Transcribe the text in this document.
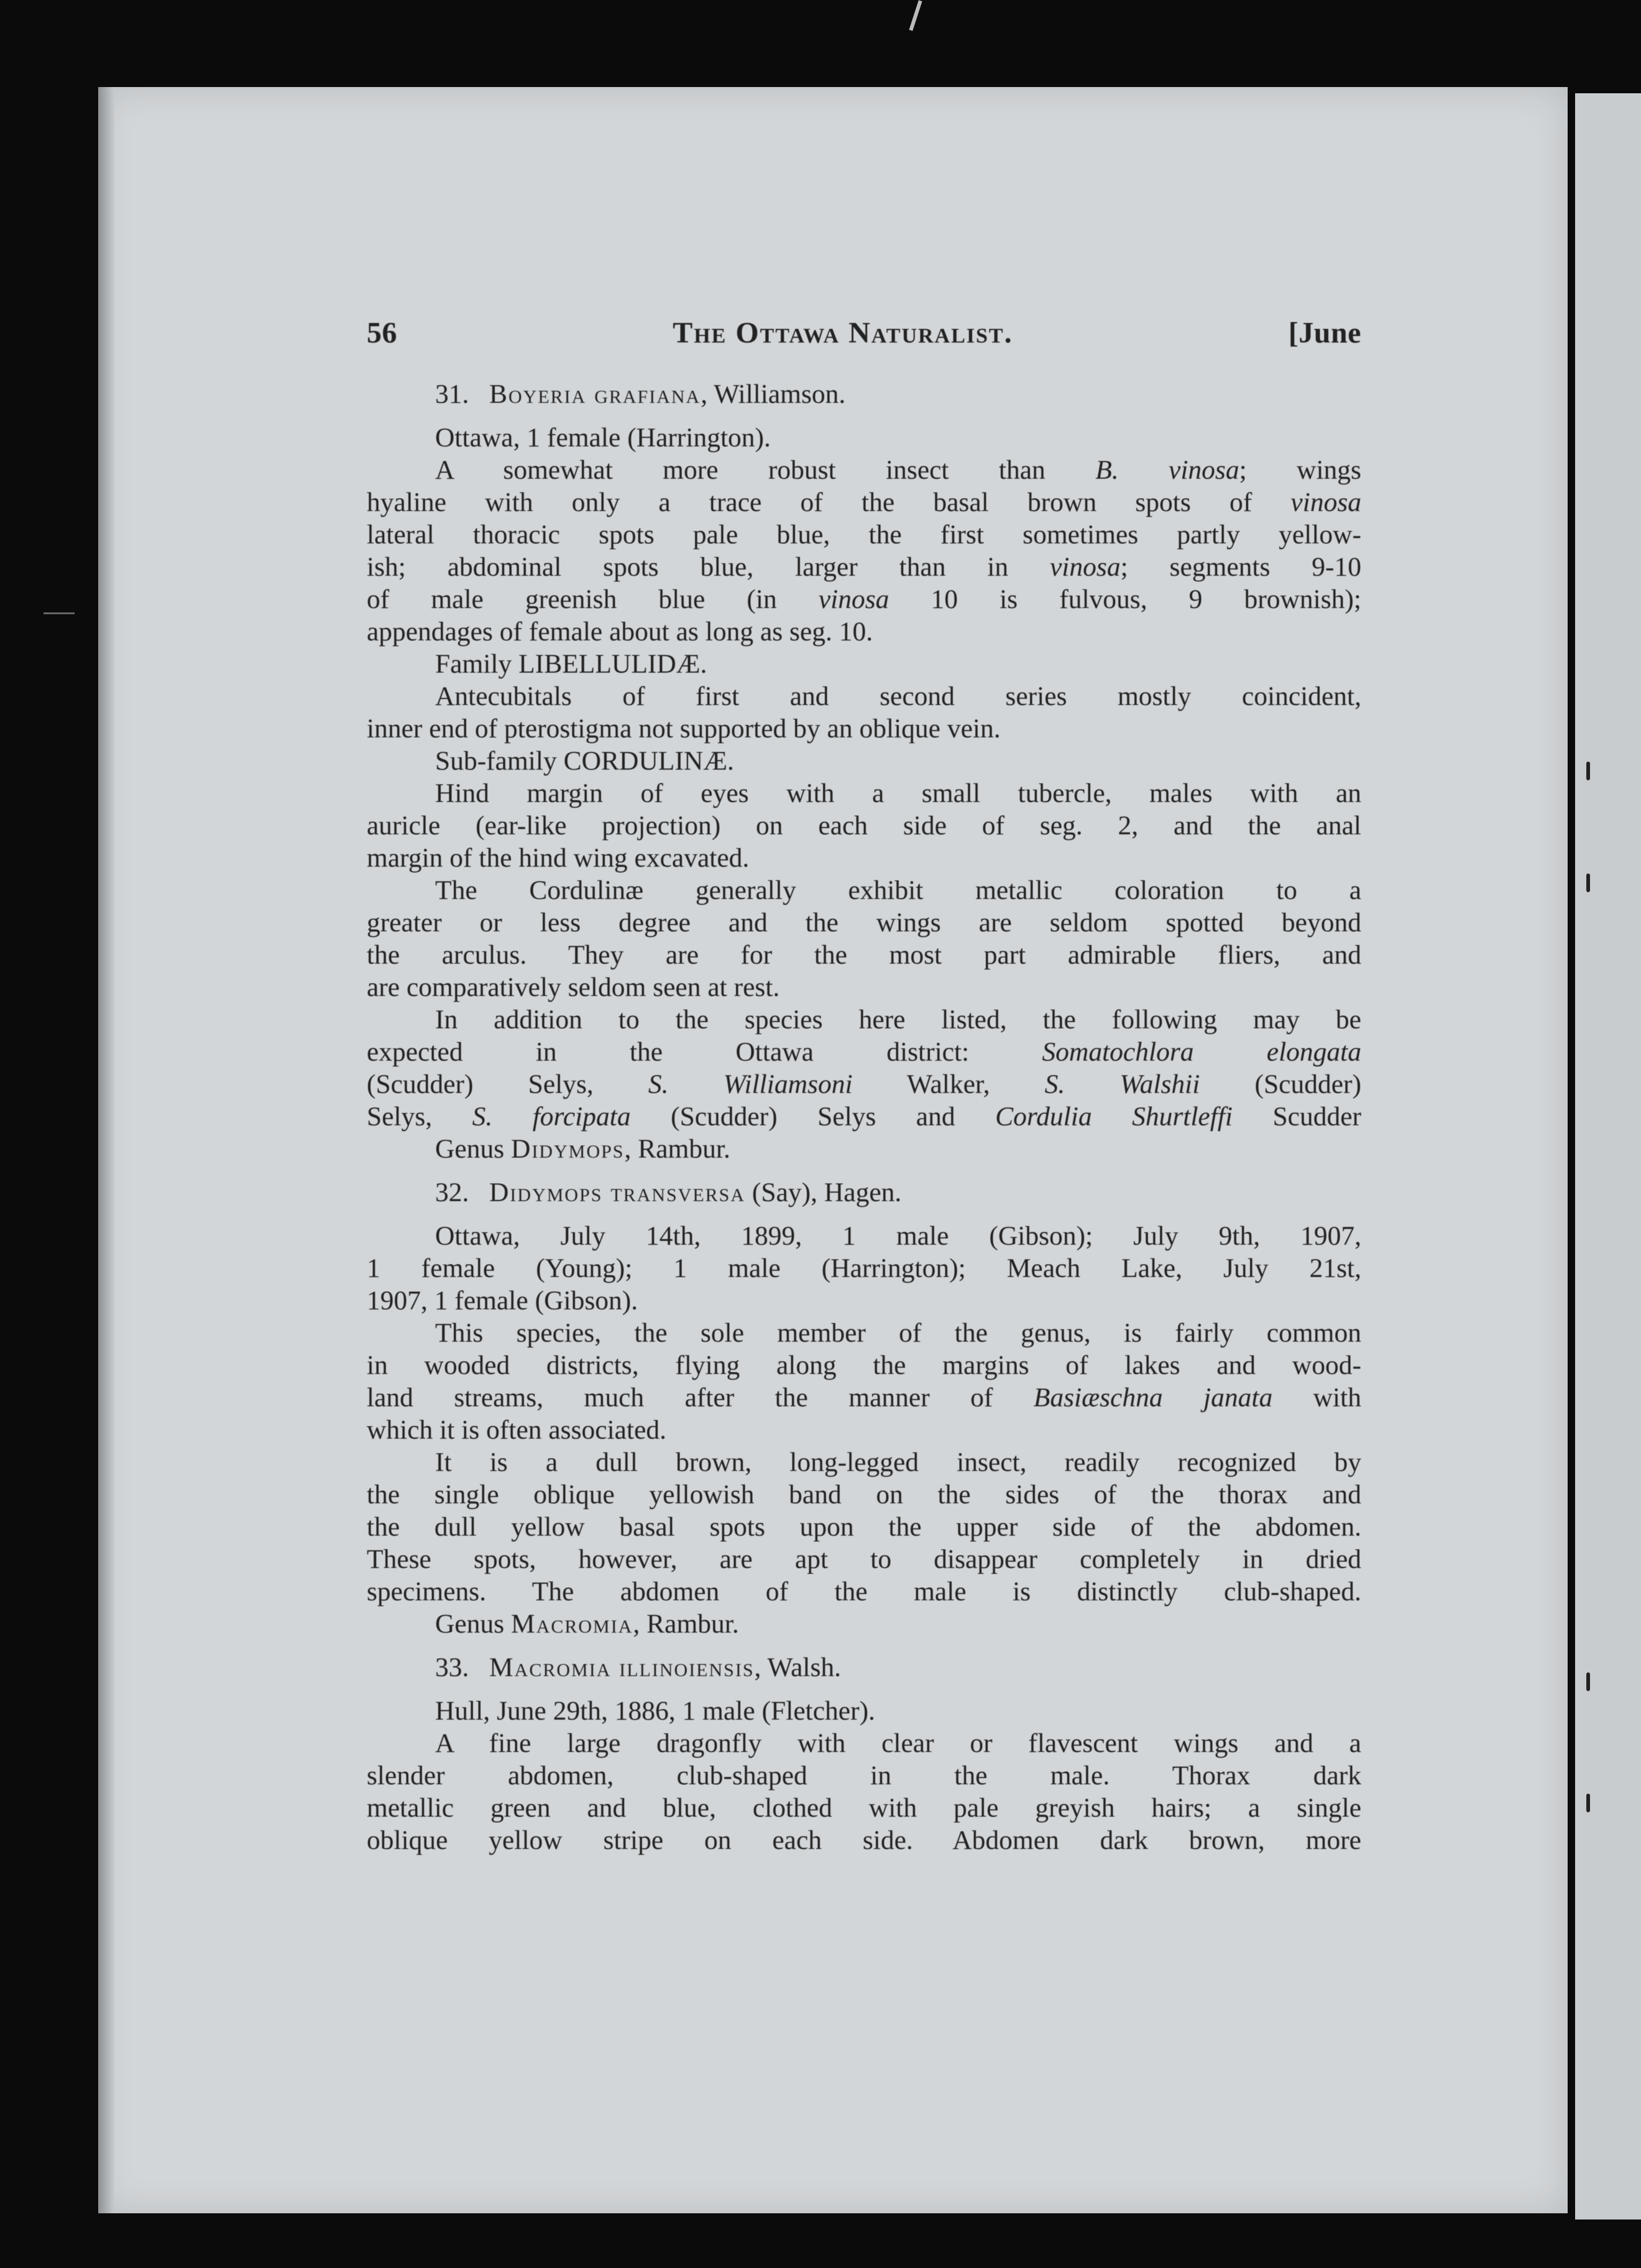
56	The Ottawa Naturalist.	[June
31. Boyeria grafiana, Williamson.
Ottawa, 1 female (Harrington).
A somewhat more robust insect than B. vinosa; wings
hyaline with only a trace of the basal brown spots of vinosa
lateral thoracic spots pale blue, the first sometimes partly yellow-
ish; abdominal spots blue, larger than in vinosa; segments 9-10
of male greenish blue (in vinosa 10 is fulvous, 9 brownish);
appendages of female about as long as seg. 10.
Family LIBELLULIDÆ.
Antecubitals of first and second series mostly coincident,
inner end of pterostigma not supported by an oblique vein.
Sub-family CORDULINÆ.
Hind margin of eyes with a small tubercle, males with an
auricle (ear-like projection) on each side of seg. 2, and the anal
margin of the hind wing excavated.
The Cordulinæ generally exhibit metallic coloration to a
greater or less degree and the wings are seldom spotted beyond
the arculus. They are for the most part admirable fliers, and
are comparatively seldom seen at rest.
In addition to the species here listed, the following may be
expected in the Ottawa district: Somatochlora elongata
(Scudder) Selys, S. Williamsoni Walker, S. Walshii (Scudder)
Selys, S. forcipata (Scudder) Selys and Cordulia Shurtleffi Scudder
Genus Didymops, Rambur.
32. Didymops transversa (Say), Hagen.
Ottawa, July 14th, 1899, 1 male (Gibson); July 9th, 1907,
1 female (Young); 1 male (Harrington); Meach Lake, July 21st,
1907, 1 female (Gibson).
This species, the sole member of the genus, is fairly common
in wooded districts, flying along the margins of lakes and wood-
land streams, much after the manner of Basiæschna janata with
which it is often associated.
It is a dull brown, long-legged insect, readily recognized by
the single oblique yellowish band on the sides of the thorax and
the dull yellow basal spots upon the upper side of the abdomen.
These spots, however, are apt to disappear completely in dried
specimens. The abdomen of the male is distinctly club-shaped.
Genus Macromia, Rambur.
33. Macromia illinoiensis, Walsh.
Hull, June 29th, 1886, 1 male (Fletcher).
A fine large dragonfly with clear or flavescent wings and a
slender abdomen, club-shaped in the male. Thorax dark
metallic green and blue, clothed with pale greyish hairs; a single
oblique yellow stripe on each side. Abdomen dark brown, more
